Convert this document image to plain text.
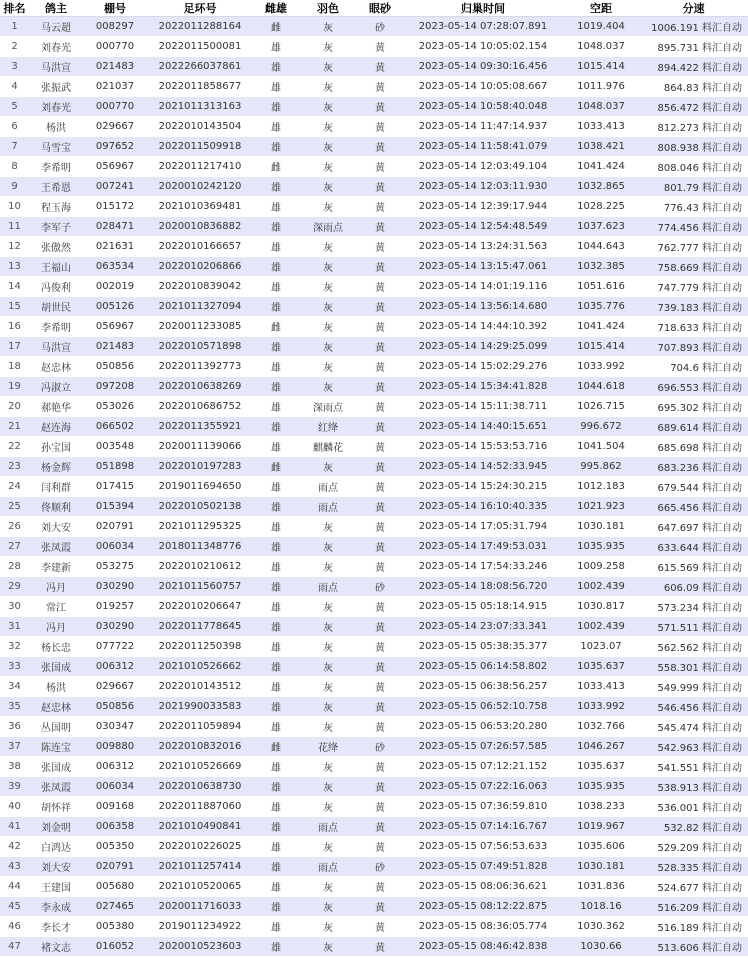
排名	鸽主	棚号	足环号	雌雄	羽色	眼砂	归巢时间	空距	分速
1	马云超	008297	2022011288164	雌	灰	砂	2023-05-14 07:28:07.891	1019.404	1006.191 料汇自动
2	刘春光	000770	2022011500081	雄	灰	黄	2023-05-14 10:05:02.154	1048.037	895.731 料汇自动
3	马洪宣	021483	2022266037861	雄	灰	黄	2023-05-14 09:30:16.456	1015.414	894.422 料汇自动
4	张振武	021037	2022011858677	雄	灰	黄	2023-05-14 10:05:08.667	1011.976	864.83 料汇自动
5	刘春光	000770	2021011313163	雄	灰	黄	2023-05-14 10:58:40.048	1048.037	856.472 料汇自动
6	杨洪	029667	2022010143504	雄	灰	黄	2023-05-14 11:47:14.937	1033.413	812.273 料汇自动
7	马雪宝	097652	2022011509918	雄	灰	黄	2023-05-14 11:58:41.079	1038.421	808.938 料汇自动
8	李希明	056967	2022011217410	雌	灰	黄	2023-05-14 12:03:49.104	1041.424	808.046 料汇自动
9	王希恩	007241	2020010242120	雄	灰	黄	2023-05-14 12:03:11.930	1032.865	801.79 料汇自动
10	程玉海	015172	2021010369481	雄	灰	黄	2023-05-14 12:39:17.944	1028.225	776.43 料汇自动
11	李军子	028471	2020010836882	雄	深雨点	黄	2023-05-14 12:54:48.549	1037.623	774.456 料汇自动
12	张傲然	021631	2022010166657	雄	灰	黄	2023-05-14 13:24:31.563	1044.643	762.777 料汇自动
13	王福山	063534	2022010206866	雄	灰	黄	2023-05-14 13:15:47.061	1032.385	758.669 料汇自动
14	冯俊利	002019	2022010839042	雄	灰	黄	2023-05-14 14:01:19.116	1051.616	747.779 料汇自动
15	胡世民	005126	2021011327094	雄	灰	黄	2023-05-14 13:56:14.680	1035.776	739.183 料汇自动
16	李希明	056967	2020011233085	雌	灰	黄	2023-05-14 14:44:10.392	1041.424	718.633 料汇自动
17	马洪宣	021483	2022010571898	雄	灰	黄	2023-05-14 14:29:25.099	1015.414	707.893 料汇自动
18	赵忠林	050856	2022011392773	雄	灰	黄	2023-05-14 15:02:29.276	1033.992	704.6 料汇自动
19	冯淑立	097208	2022010638269	雄	灰	黄	2023-05-14 15:34:41.828	1044.618	696.553 料汇自动
20	郝艳华	053026	2022010686752	雄	深雨点	黄	2023-05-14 15:11:38.711	1026.715	695.302 料汇自动
21	赵连海	066502	2022011355921	雄	红绛	黄	2023-05-14 14:40:15.651	996.672	689.614 料汇自动
22	孙宝国	003548	2020011139066	雄	麒麟花	黄	2023-05-14 15:53:53.716	1041.504	685.698 料汇自动
23	杨金辉	051898	2022010197283	雌	灰	黄	2023-05-14 14:52:33.945	995.862	683.236 料汇自动
24	闫利群	017415	2019011694650	雄	雨点	黄	2023-05-14 15:24:30.215	1012.183	679.544 料汇自动
25	佟顺利	015394	2022010502138	雄	雨点	黄	2023-05-14 16:10:40.335	1021.923	665.456 料汇自动
26	刘大安	020791	2021011295325	雄	灰	黄	2023-05-14 17:05:31.794	1030.181	647.697 料汇自动
27	张凤霞	006034	2018011348776	雄	灰	黄	2023-05-14 17:49:53.031	1035.935	633.644 料汇自动
28	李建新	053275	2022010210612	雄	灰	黄	2023-05-14 17:54:33.246	1009.258	615.569 料汇自动
29	冯月	030290	2021011560757	雄	雨点	砂	2023-05-14 18:08:56.720	1002.439	606.09 料汇自动
30	常江	019257	2022010206647	雄	灰	黄	2023-05-15 05:18:14.915	1030.817	573.234 料汇自动
31	冯月	030290	2022011778645	雄	灰	黄	2023-05-14 23:07:33.341	1002.439	571.511 料汇自动
32	杨长忠	077722	2022011250398	雄	灰	黄	2023-05-15 05:38:35.377	1023.07	562.562 料汇自动
33	张国成	006312	2021010526662	雄	灰	黄	2023-05-15 06:14:58.802	1035.637	558.301 料汇自动
34	杨洪	029667	2022010143512	雄	灰	黄	2023-05-15 06:38:56.257	1033.413	549.999 料汇自动
35	赵忠林	050856	2021990033583	雄	灰	黄	2023-05-15 06:52:10.758	1033.992	546.456 料汇自动
36	丛国明	030347	2022011059894	雄	灰	黄	2023-05-15 06:53:20.280	1032.766	545.474 料汇自动
37	陈连宝	009880	2022010832016	雌	花绛	砂	2023-05-15 07:26:57.585	1046.267	542.963 料汇自动
38	张国成	006312	2021010526669	雄	灰	黄	2023-05-15 07:12:21.152	1035.637	541.551 料汇自动
39	张凤霞	006034	2022010638730	雄	灰	黄	2023-05-15 07:22:16.063	1035.935	538.913 料汇自动
40	胡怀祥	009168	2022011887060	雄	灰	黄	2023-05-15 07:36:59.810	1038.233	536.001 料汇自动
41	刘金明	006358	2021010490841	雄	雨点	黄	2023-05-15 07:14:16.767	1019.967	532.82 料汇自动
42	白鸿达	005350	2022010226025	雄	灰	黄	2023-05-15 07:56:53.633	1035.606	529.209 料汇自动
43	刘大安	020791	2021011257414	雄	雨点	砂	2023-05-15 07:49:51.828	1030.181	528.335 料汇自动
44	王建国	005680	2021010520065	雄	灰	黄	2023-05-15 08:06:36.621	1031.836	524.677 料汇自动
45	李永成	027465	2020011716033	雄	灰	黄	2023-05-15 08:12:22.875	1018.16	516.209 料汇自动
46	李长才	005380	2019011234922	雄	灰	黄	2023-05-15 08:36:05.774	1030.362	516.189 料汇自动
47	褚文志	016052	2020010523603	雄	灰	黄	2023-05-15 08:46:42.838	1030.66	513.606 料汇自动
